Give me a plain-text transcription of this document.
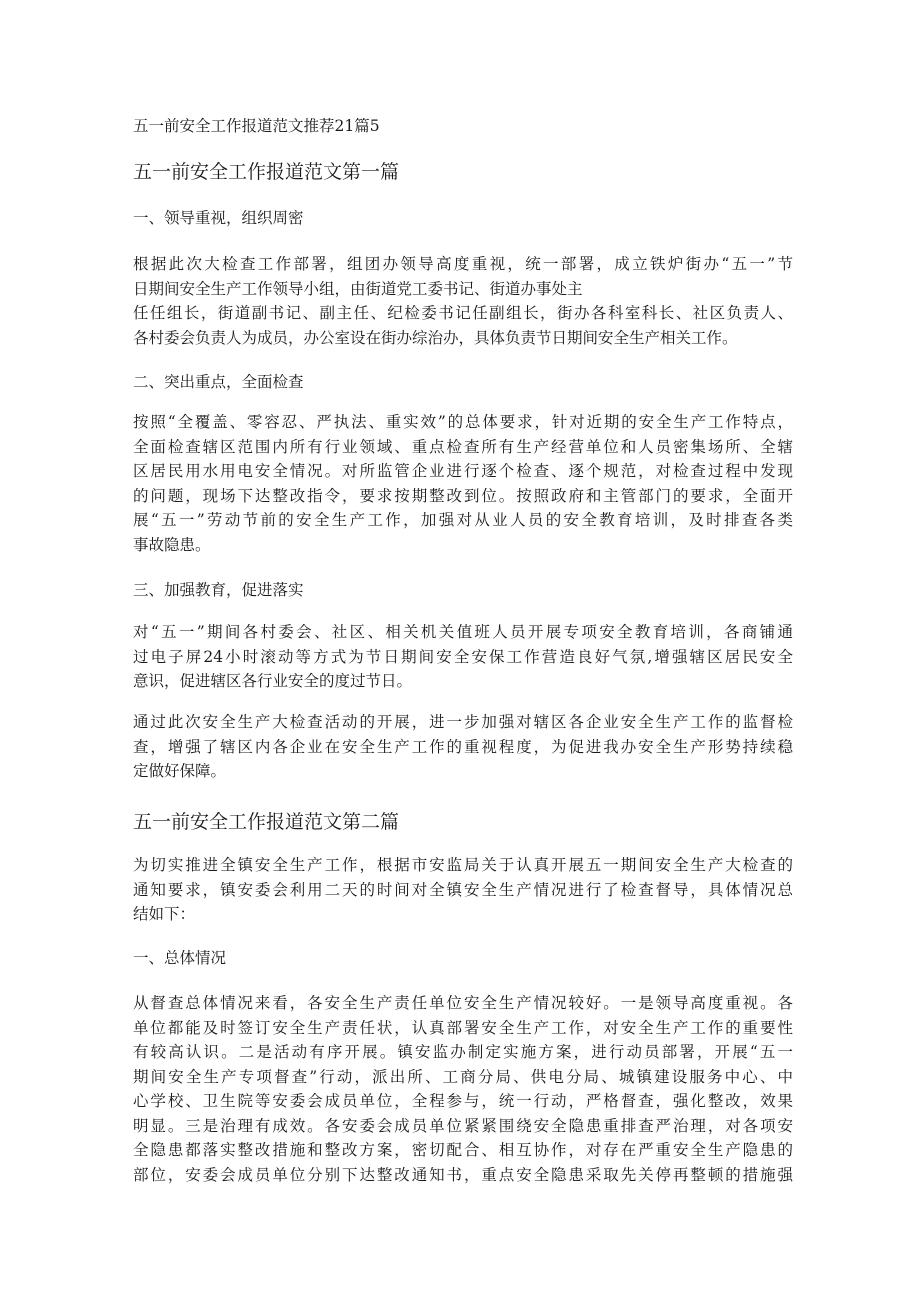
五一前安全工作报道范文推荐21篇5
五一前安全工作报道范文第一篇
一、领导重视，组织周密
根据此次大检查工作部署，组团办领导高度重视，统一部署，成立铁炉街办“五一”节
日期间安全生产工作领导小组，由街道党工委书记、街道办事处主
任任组长，街道副书记、副主任、纪检委书记任副组长，街办各科室科长、社区负责人、
各村委会负责人为成员，办公室设在街办综治办，具体负责节日期间安全生产相关工作。
二、突出重点，全面检查
按照“全覆盖、零容忍、严执法、重实效”的总体要求，针对近期的安全生产工作特点，
全面检查辖区范围内所有行业领域、重点检查所有生产经营单位和人员密集场所、全辖
区居民用水用电安全情况。对所监管企业进行逐个检查、逐个规范，对检查过程中发现
的问题，现场下达整改指令，要求按期整改到位。按照政府和主管部门的要求，全面开
展“五一”劳动节前的安全生产工作，加强对从业人员的安全教育培训，及时排查各类
事故隐患。
三、加强教育，促进落实
对“五一”期间各村委会、社区、相关机关值班人员开展专项安全教育培训，各商铺通
过电子屏24小时滚动等方式为节日期间安全安保工作营造良好气氛,增强辖区居民安全
意识，促进辖区各行业安全的度过节日。
通过此次安全生产大检查活动的开展，进一步加强对辖区各企业安全生产工作的监督检
查，增强了辖区内各企业在安全生产工作的重视程度，为促进我办安全生产形势持续稳
定做好保障。
五一前安全工作报道范文第二篇
为切实推进全镇安全生产工作，根据市安监局关于认真开展五一期间安全生产大检查的
通知要求，镇安委会利用二天的时间对全镇安全生产情况进行了检查督导，具体情况总
结如下：
一、总体情况
从督查总体情况来看，各安全生产责任单位安全生产情况较好。一是领导高度重视。各
单位都能及时签订安全生产责任状，认真部署安全生产工作，对安全生产工作的重要性
有较高认识。二是活动有序开展。镇安监办制定实施方案，进行动员部署，开展“五一
期间安全生产专项督查”行动，派出所、工商分局、供电分局、城镇建设服务中心、中
心学校、卫生院等安委会成员单位，全程参与，统一行动，严格督查，强化整改，效果
明显。三是治理有成效。各安委会成员单位紧紧围绕安全隐患重排查严治理，对各项安
全隐患都落实整改措施和整改方案，密切配合、相互协作，对存在严重安全生产隐患的
部位，安委会成员单位分别下达整改通知书，重点安全隐患采取先关停再整顿的措施强
